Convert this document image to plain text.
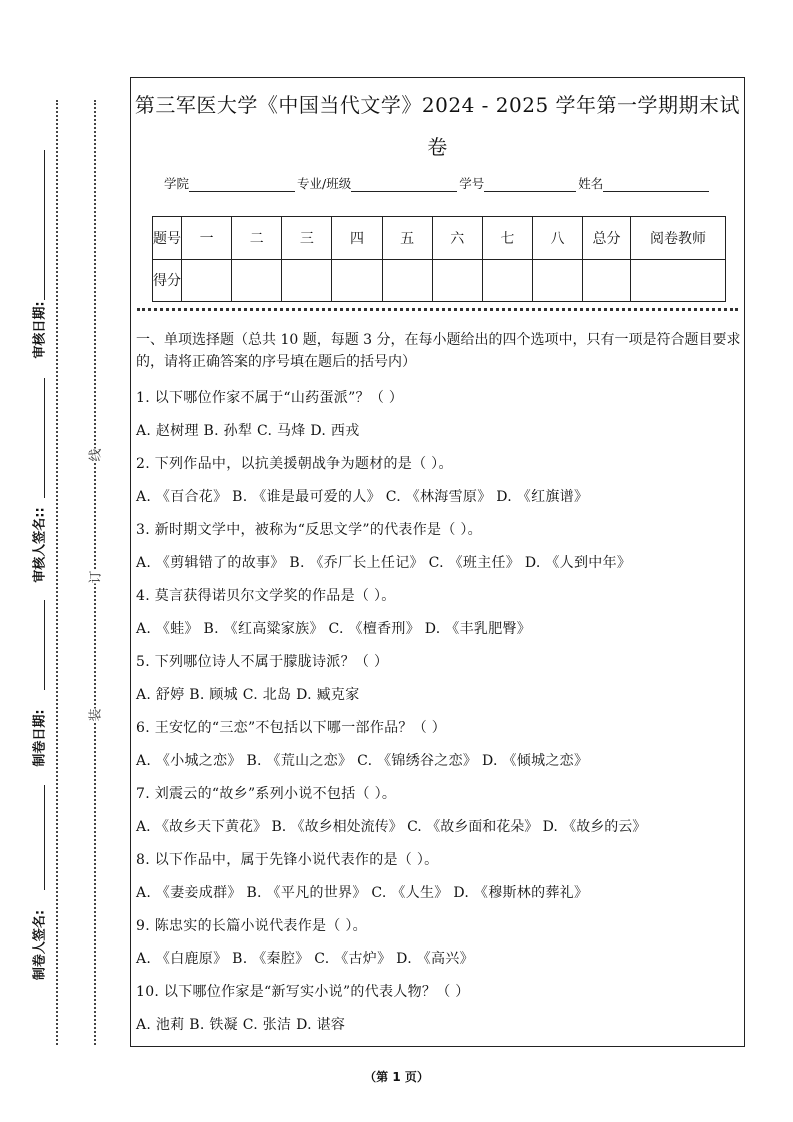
审核日期:
审核人签名::
制卷日期:
制卷人签名:
线
订
装
第三军医大学《中国当代文学》2024 - 2025 学年第一学期期末试卷
学院	专业/班级	学号	姓名
题号	一	二	三	四	五	六	七	八	总分	阅卷教师
得分										
一、单项选择题（总共 10 题，每题 3 分，在每小题给出的四个选项中，只有一项是符合题目要求的，请将正确答案的序号填在题后的括号内）
1. 以下哪位作家不属于“山药蛋派”？（ ）
A. 赵树理 B. 孙犁 C. 马烽 D. 西戎
2. 下列作品中，以抗美援朝战争为题材的是（ ）。
A. 《百合花》 B. 《谁是最可爱的人》 C. 《林海雪原》 D. 《红旗谱》
3. 新时期文学中，被称为“反思文学”的代表作是（ ）。
A. 《剪辑错了的故事》 B. 《乔厂长上任记》 C. 《班主任》 D. 《人到中年》
4. 莫言获得诺贝尔文学奖的作品是（ ）。
A. 《蛙》 B. 《红高粱家族》 C. 《檀香刑》 D. 《丰乳肥臀》
5. 下列哪位诗人不属于朦胧诗派？（ ）
A. 舒婷 B. 顾城 C. 北岛 D. 臧克家
6. 王安忆的“三恋”不包括以下哪一部作品？（ ）
A. 《小城之恋》 B. 《荒山之恋》 C. 《锦绣谷之恋》 D. 《倾城之恋》
7. 刘震云的“故乡”系列小说不包括（ ）。
A. 《故乡天下黄花》 B. 《故乡相处流传》 C. 《故乡面和花朵》 D. 《故乡的云》
8. 以下作品中，属于先锋小说代表作的是（ ）。
A. 《妻妾成群》 B. 《平凡的世界》 C. 《人生》 D. 《穆斯林的葬礼》
9. 陈忠实的长篇小说代表作是（ ）。
A. 《白鹿原》 B. 《秦腔》 C. 《古炉》 D. 《高兴》
10. 以下哪位作家是“新写实小说”的代表人物？（ ）
A. 池莉 B. 铁凝 C. 张洁 D. 谌容
（第 1 页）
